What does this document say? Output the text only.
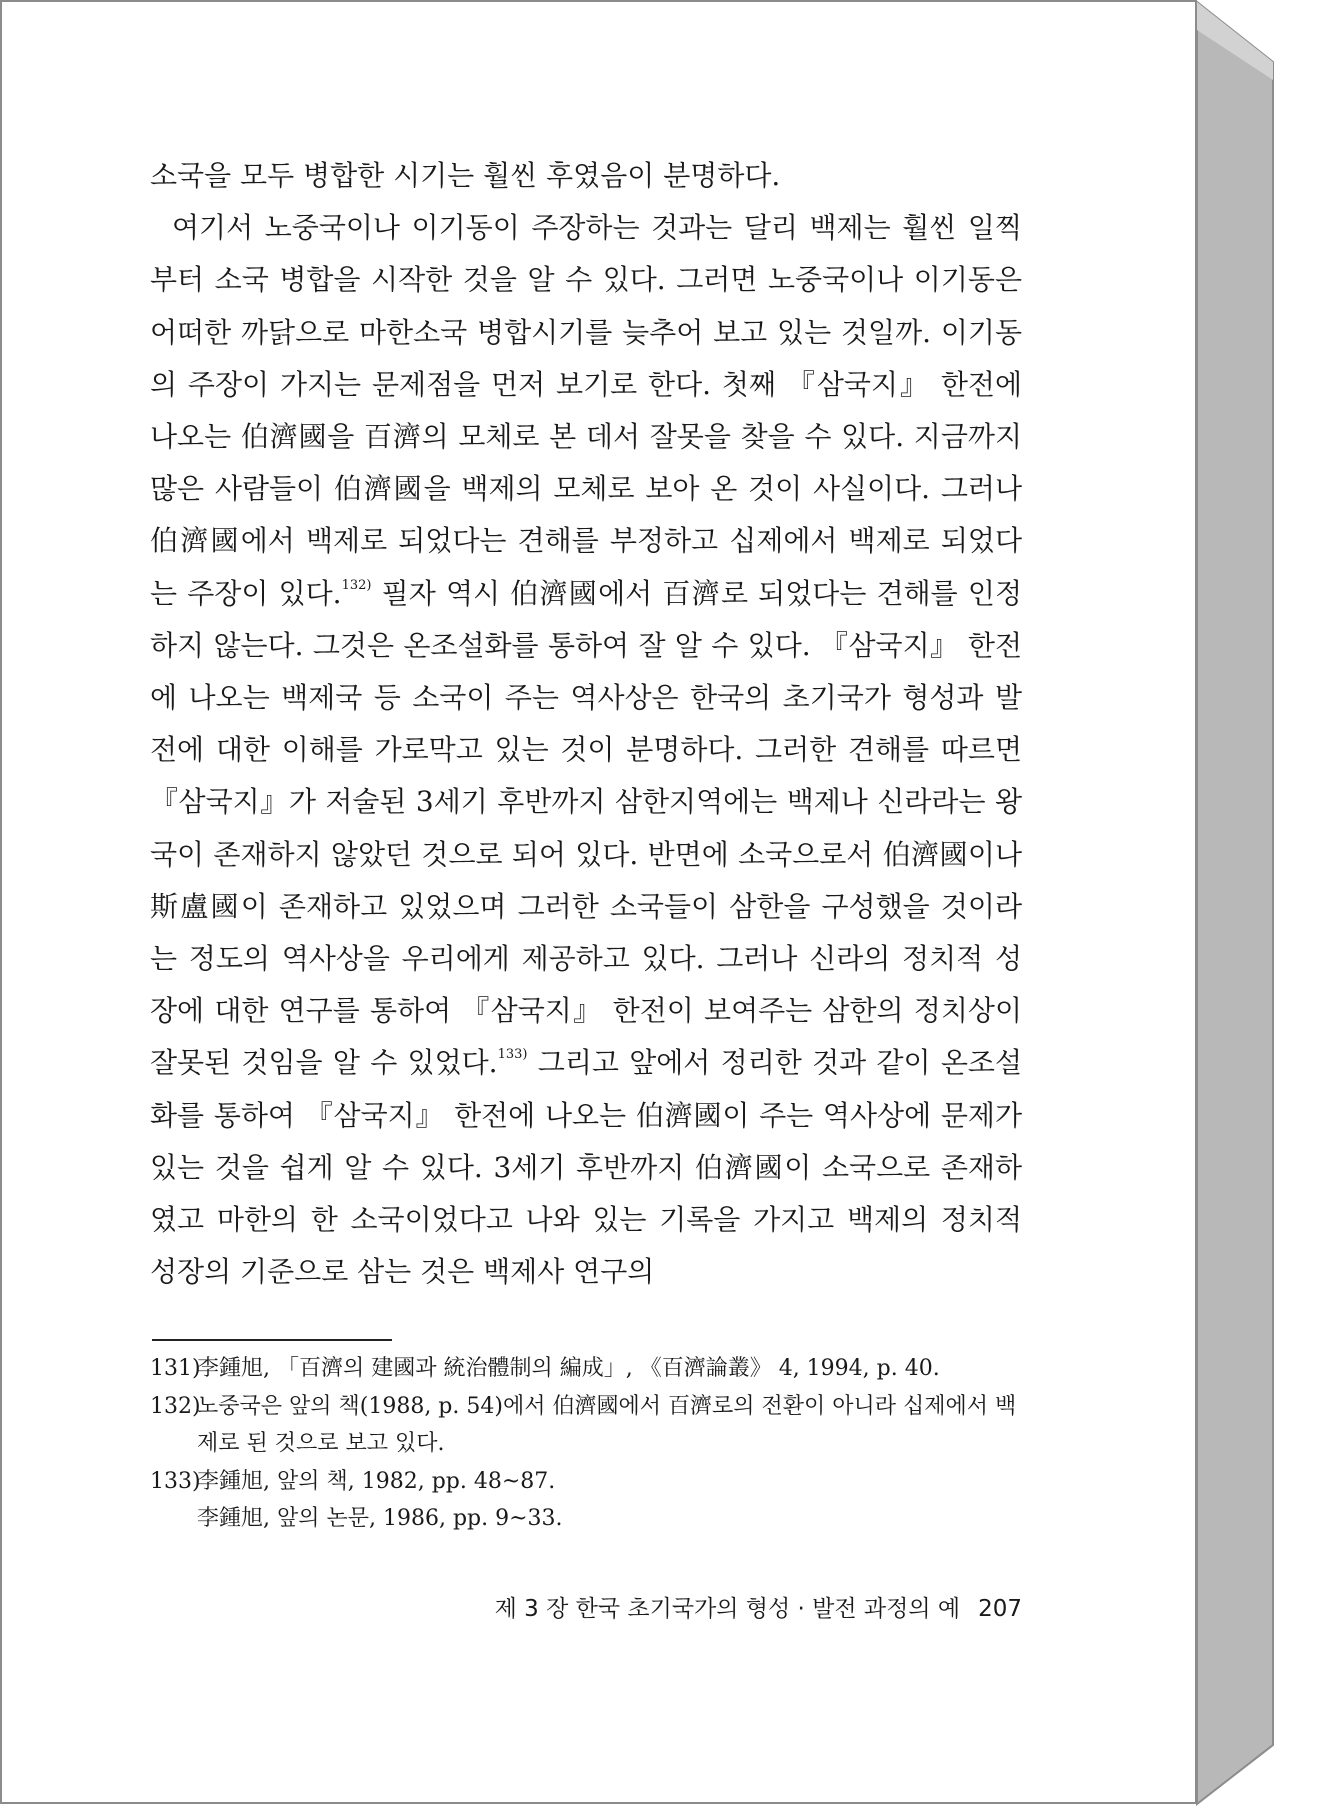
소국을 모두 병합한 시기는 훨씬 후였음이 분명하다.

여기서 노중국이나 이기동이 주장하는 것과는 달리 백제는 훨씬 일찍부터 소국 병합을 시작한 것을 알 수 있다. 그러면 노중국이나 이기동은 어떠한 까닭으로 마한소국 병합시기를 늦추어 보고 있는 것일까. 이기동의 주장이 가지는 문제점을 먼저 보기로 한다. 첫째 『삼국지』 한전에 나오는 伯濟國을 百濟의 모체로 본 데서 잘못을 찾을 수 있다. 지금까지 많은 사람들이 伯濟國을 백제의 모체로 보아 온 것이 사실이다. 그러나 伯濟國에서 백제로 되었다는 견해를 부정하고 십제에서 백제로 되었다는 주장이 있다.$^{132)}$ 필자 역시 伯濟國에서 百濟로 되었다는 견해를 인정하지 않는다. 그것은 온조설화를 통하여 잘 알 수 있다. 『삼국지』 한전에 나오는 백제국 등 소국이 주는 역사상은 한국의 초기국가 형성과 발전에 대한 이해를 가로막고 있는 것이 분명하다. 그러한 견해를 따르면 『삼국지』가 저술된 3세기 후반까지 삼한지역에는 백제나 신라라는 왕국이 존재하지 않았던 것으로 되어 있다. 반면에 소국으로서 伯濟國이나 斯盧國이 존재하고 있었으며 그러한 소국들이 삼한을 구성했을 것이라는 정도의 역사상을 우리에게 제공하고 있다. 그러나 신라의 정치적 성장에 대한 연구를 통하여 『삼국지』 한전이 보여주는 삼한의 정치상이 잘못된 것임을 알 수 있었다.$^{133)}$ 그리고 앞에서 정리한 것과 같이 온조설화를 통하여 『삼국지』 한전에 나오는 伯濟國이 주는 역사상에 문제가 있는 것을 쉽게 알 수 있다. 3세기 후반까지 伯濟國이 소국으로 존재하였고 마한의 한 소국이었다고 나와 있는 기록을 가지고 백제의 정치적 성장의 기준으로 삼는 것은 백제사 연구의

131)
李鍾旭, 「百濟의 建國과 統治體制의 編成」, 《百濟論叢》 4, 1994, p. 40.
132)
노중국은 앞의 책(1988, p. 54)에서 伯濟國에서 百濟로의 전환이 아니라 십제에서 백제로 된 것으로 보고 있다.
133)
李鍾旭, 앞의 책, 1982, pp. 48~87.
李鍾旭, 앞의 논문, 1986, pp. 9~33.
제 3 장 한국 초기국가의 형성 · 발전 과정의 예 207
